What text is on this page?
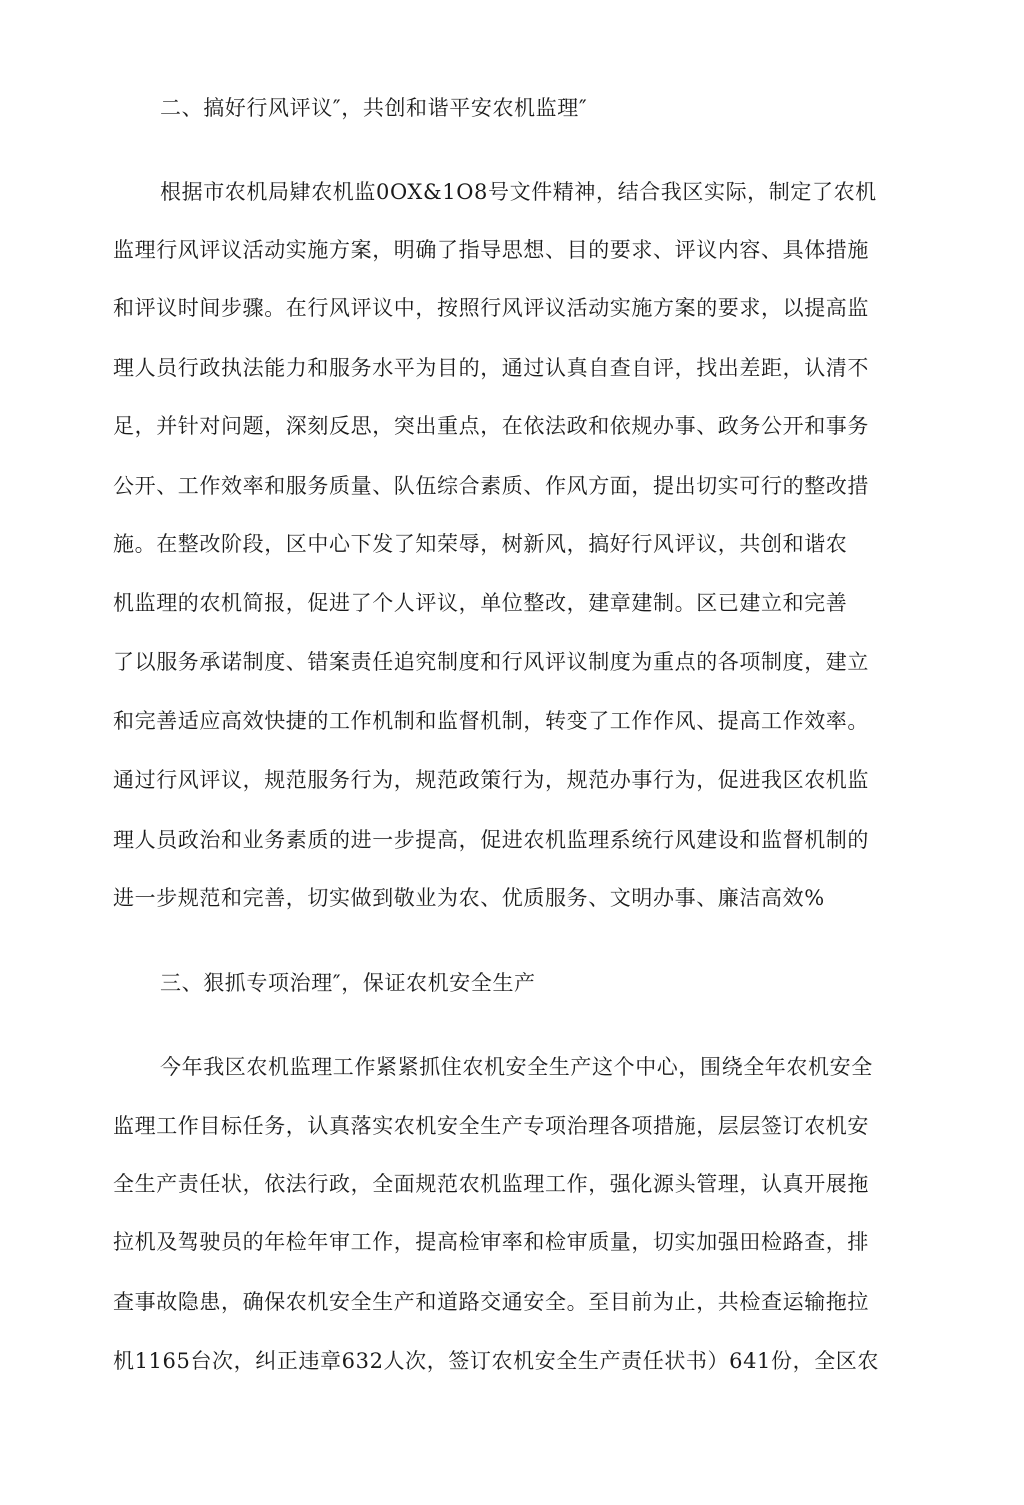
二、搞好行风评议″，共创和谐平安农机监理″
根据市农机局肄农机监0OX&1O8号文件精神，结合我区实际，制定了农机
监理行风评议活动实施方案，明确了指导思想、目的要求、评议内容、具体措施
和评议时间步骤。在行风评议中，按照行风评议活动实施方案的要求，以提高监
理人员行政执法能力和服务水平为目的，通过认真自查自评，找出差距，认清不
足，并针对问题，深刻反思，突出重点，在依法政和依规办事、政务公开和事务
公开、工作效率和服务质量、队伍综合素质、作风方面，提出切实可行的整改措
施。在整改阶段，区中心下发了知荣辱，树新风，搞好行风评议，共创和谐农
机监理的农机简报，促进了个人评议，单位整改，建章建制。区已建立和完善
了以服务承诺制度、错案责任追究制度和行风评议制度为重点的各项制度，建立
和完善适应高效快捷的工作机制和监督机制，转变了工作作风、提高工作效率。
通过行风评议，规范服务行为，规范政策行为，规范办事行为，促进我区农机监
理人员政治和业务素质的进一步提高，促进农机监理系统行风建设和监督机制的
进一步规范和完善，切实做到敬业为农、优质服务、文明办事、廉洁高效%
三、狠抓专项治理″，保证农机安全生产
今年我区农机监理工作紧紧抓住农机安全生产这个中心，围绕全年农机安全
监理工作目标任务，认真落实农机安全生产专项治理各项措施，层层签订农机安
全生产责任状，依法行政，全面规范农机监理工作，强化源头管理，认真开展拖
拉机及驾驶员的年检年审工作，提高检审率和检审质量，切实加强田检路查，排
查事故隐患，确保农机安全生产和道路交通安全。至目前为止，共检查运输拖拉
机1165台次，纠正违章632人次，签订农机安全生产责任状书）641份，全区农
